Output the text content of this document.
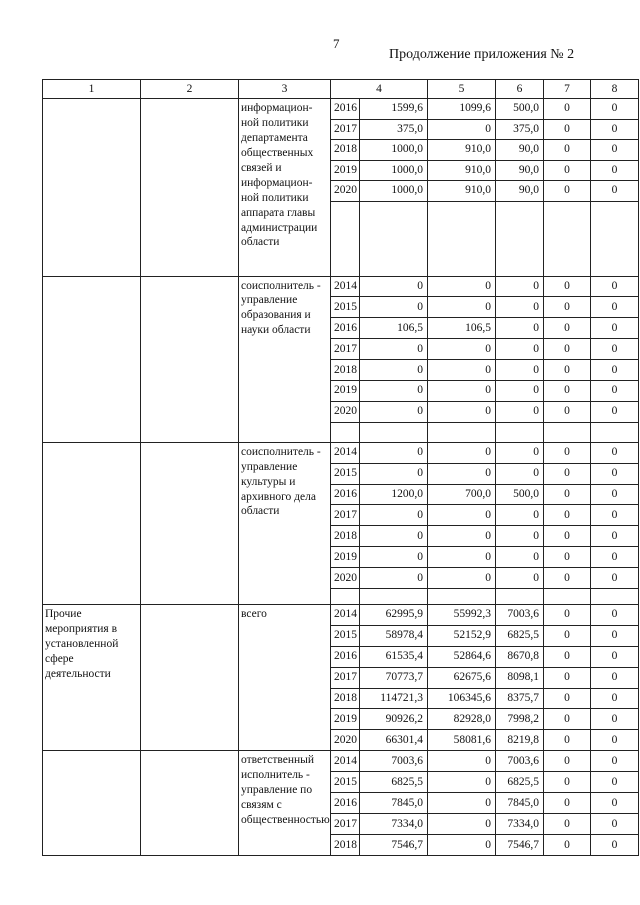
7
Продолжение приложения № 2
1	2	3	4		5	6	7	8
		информацион-ной политики департамента общественных связей и информацион-ной политики аппарата главы администрации области	2016	1599,6	1099,6	500,0	0	0
			2017	375,0	0	375,0	0	0
			2018	1000,0	910,0	90,0	0	0
			2019	1000,0	910,0	90,0	0	0
			2020	1000,0	910,0	90,0	0	0

		соисполнитель - управление образования и науки области	2014	0	0	0	0	0
			2015	0	0	0	0	0
			2016	106,5	106,5	0	0	0
			2017	0	0	0	0	0
			2018	0	0	0	0	0
			2019	0	0	0	0	0
			2020	0	0	0	0	0

		соисполнитель - управление культуры и архивного дела области	2014	0	0	0	0	0
			2015	0	0	0	0	0
			2016	1200,0	700,0	500,0	0	0
			2017	0	0	0	0	0
			2018	0	0	0	0	0
			2019	0	0	0	0	0
			2020	0	0	0	0	0

Прочие мероприятия в установленной сфере деятельности		всего	2014	62995,9	55992,3	7003,6	0	0
			2015	58978,4	52152,9	6825,5	0	0
			2016	61535,4	52864,6	8670,8	0	0
			2017	70773,7	62675,6	8098,1	0	0
			2018	114721,3	106345,6	8375,7	0	0
			2019	90926,2	82928,0	7998,2	0	0
			2020	66301,4	58081,6	8219,8	0	0
		ответственный исполнитель - управление по связям с общественностью	2014	7003,6	0	7003,6	0	0
			2015	6825,5	0	6825,5	0	0
			2016	7845,0	0	7845,0	0	0
			2017	7334,0	0	7334,0	0	0
			2018	7546,7	0	7546,7	0	0
